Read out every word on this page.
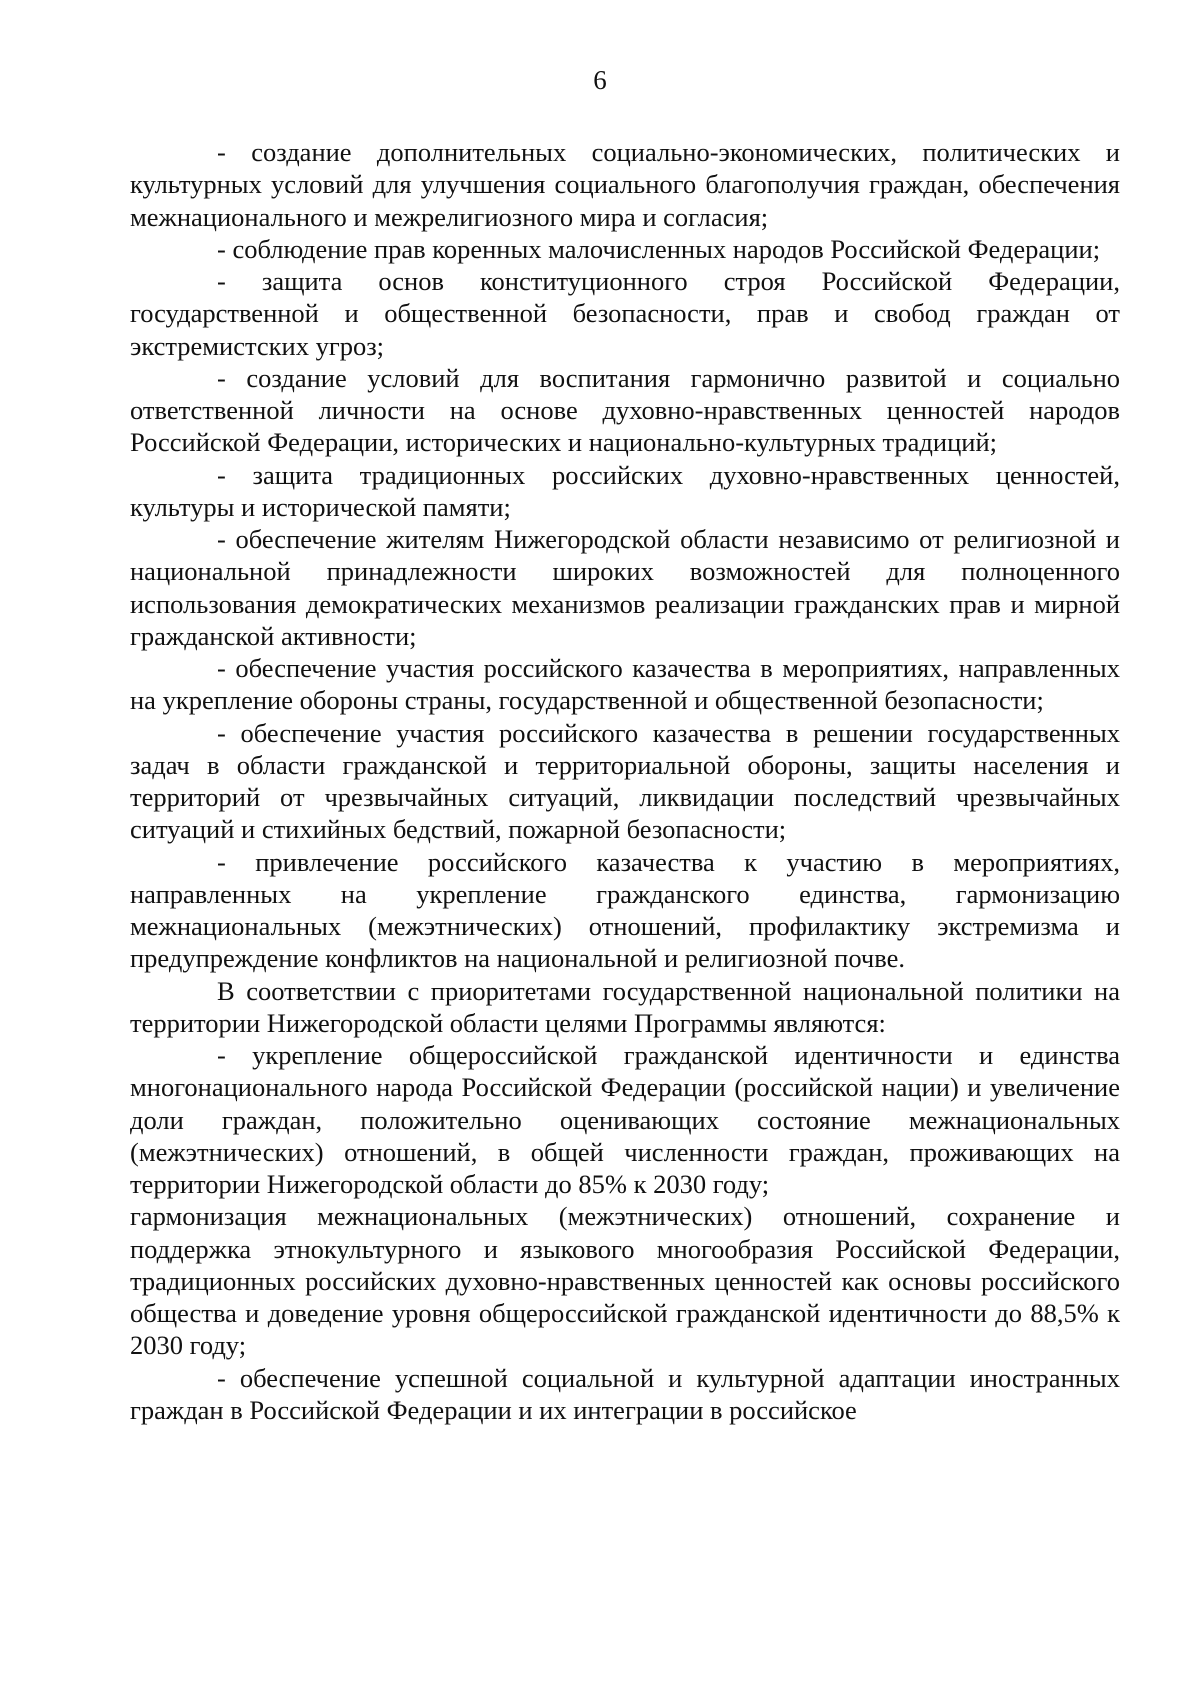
6

- создание дополнительных социально-экономических, политических и культурных условий для улучшения социального благополучия граждан, обеспечения межнационального и межрелигиозного мира и согласия;

- соблюдение прав коренных малочисленных народов Российской Федерации;

- защита основ конституционного строя Российской Федерации, государственной и общественной безопасности, прав и свобод граждан от экстремистских угроз;

- создание условий для воспитания гармонично развитой и социально ответственной личности на основе духовно-нравственных ценностей народов Российской Федерации, исторических и национально-культурных традиций;

- защита традиционных российских духовно-нравственных ценностей, культуры и исторической памяти;

- обеспечение жителям Нижегородской области независимо от религиозной и национальной принадлежности широких возможностей для полноценного использования демократических механизмов реализации гражданских прав и мирной гражданской активности;

- обеспечение участия российского казачества в мероприятиях, направленных на укрепление обороны страны, государственной и общественной безопасности;

- обеспечение участия российского казачества в решении государственных задач в области гражданской и территориальной обороны, защиты населения и территорий от чрезвычайных ситуаций, ликвидации последствий чрезвычайных ситуаций и стихийных бедствий, пожарной безопасности;

- привлечение российского казачества к участию в мероприятиях, направленных на укрепление гражданского единства, гармонизацию межнациональных (межэтнических) отношений, профилактику экстремизма и предупреждение конфликтов на национальной и религиозной почве.

В соответствии с приоритетами государственной национальной политики на территории Нижегородской области целями Программы являются:

- укрепление общероссийской гражданской идентичности и единства многонационального народа Российской Федерации (российской нации) и увеличение доли граждан, положительно оценивающих состояние межнациональных (межэтнических) отношений, в общей численности граждан, проживающих на территории Нижегородской области до 85% к 2030 году;

гармонизация межнациональных (межэтнических) отношений, сохранение и поддержка этнокультурного и языкового многообразия Российской Федерации, традиционных российских духовно-нравственных ценностей как основы российского общества и доведение уровня общероссийской гражданской идентичности до 88,5% к 2030 году;

- обеспечение успешной социальной и культурной адаптации иностранных граждан в Российской Федерации и их интеграции в российское
